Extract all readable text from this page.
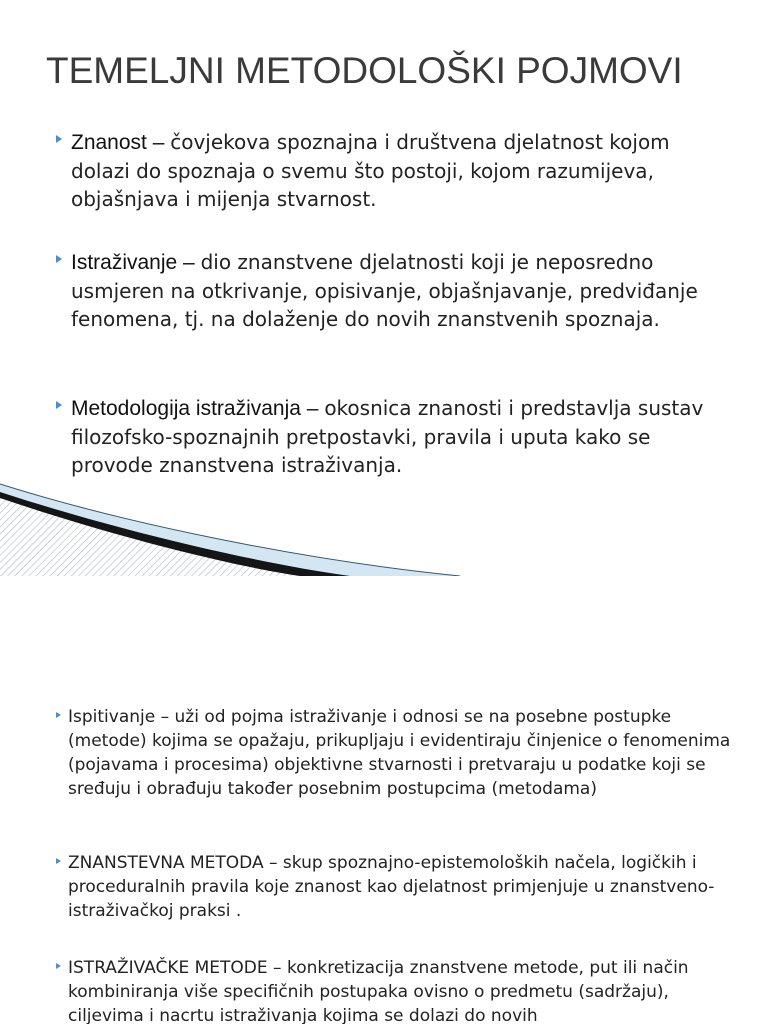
TEMELJNI METODOLOŠKI POJMOVI
Znanost – čovjekova spoznajna i društvena djelatnost kojom dolazi do spoznaja o svemu što postoji, kojom razumijeva, objašnjava i mijenja stvarnost.
Istraživanje – dio znanstvene djelatnosti koji je neposredno usmjeren na otkrivanje, opisivanje, objašnjavanje, predviđanje fenomena, tj. na dolaženje do novih znanstvenih spoznaja.
Metodologija istraživanja – okosnica znanosti i predstavlja sustav filozofsko-spoznajnih pretpostavki, pravila i uputa kako se provode znanstvena istraživanja.
Ispitivanje – uži od pojma istraživanje i odnosi se na posebne postupke (metode) kojima se opažaju, prikupljaju i evidentiraju činjenice o fenomenima (pojavama i procesima) objektivne stvarnosti i pretvaraju u podatke koji se sređuju i obrađuju također posebnim postupcima (metodama)
ZNANSTEVNA METODA – skup spoznajno-epistemoloških načela, logičkih i proceduralnih pravila koje znanost kao djelatnost primjenjuje u znanstveno-istraživačkoj praksi .
ISTRAŽIVAČKE METODE – konkretizacija znanstvene metode, put ili način kombiniranja više specifičnih postupaka ovisno o predmetu (sadržaju), ciljevima i nacrtu istraživanja kojima se dolazi do novih
